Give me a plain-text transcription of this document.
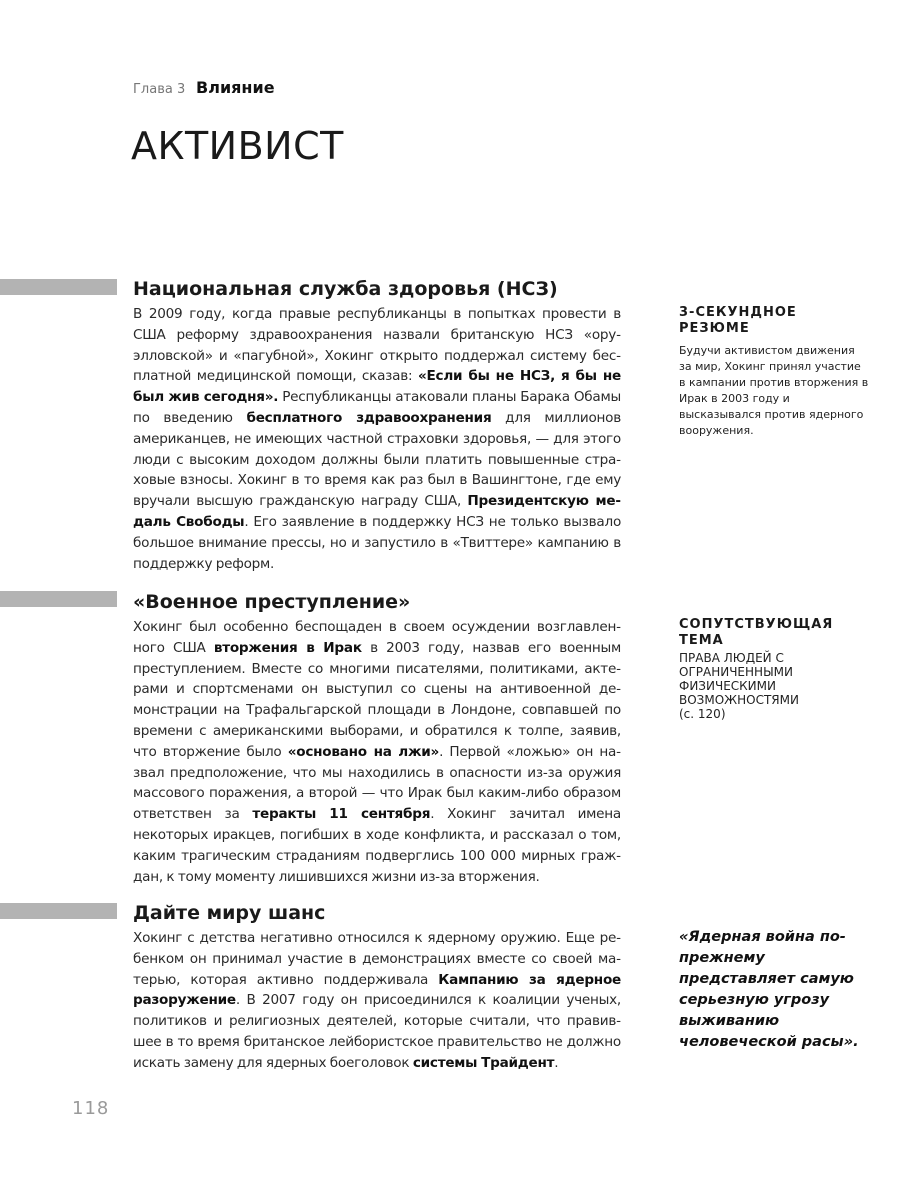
Глава 3 Влияние
АКТИВИСТ
Национальная служба здоровья (НСЗ)
В 2009 году, когда правые республиканцы в попытках провести в США реформу здравоохранения назвали британскую НСЗ «оруэлловской» и «пагубной», Хокинг открыто поддержал систему бесплатной медицинской помощи, сказав: «Если бы не НСЗ, я бы не был жив сегодня». Республиканцы атаковали планы Барака Обамы по введению бесплатного здравоохранения для миллионов американцев, не имеющих частной страховки здоровья, — для этого люди с высоким доходом должны были платить повышенные страховые взносы. Хокинг в то время как раз был в Вашингтоне, где ему вручали высшую гражданскую награду США, Президентскую медаль Свободы. Его заявление в поддержку НСЗ не только вызвало большое внимание прессы, но и запустило в «Твиттере» кампанию в поддержку реформ.
«Военное преступление»
Хокинг был особенно беспощаден в своем осуждении возглавленного США вторжения в Ирак в 2003 году, назвав его военным преступлением. Вместе со многими писателями, политиками, актерами и спортсменами он выступил со сцены на антивоенной демонстрации на Трафальгарской площади в Лондоне, совпавшей по времени с американскими выборами, и обратился к толпе, заявив, что вторжение было «основано на лжи». Первой «ложью» он назвал предположение, что мы находились в опасности из-за оружия массового поражения, а второй — что Ирак был каким-либо образом ответствен за теракты 11 сентября. Хокинг зачитал имена некоторых иракцев, погибших в ходе конфликта, и рассказал о том, каким трагическим страданиям подверглись 100 000 мирных граждан, к тому моменту лишившихся жизни из-за вторжения.
Дайте миру шанс
Хокинг с детства негативно относился к ядерному оружию. Еще ребенком он принимал участие в демонстрациях вместе со своей матерью, которая активно поддерживала Кампанию за ядерное разоружение. В 2007 году он присоединился к коалиции ученых, политиков и религиозных деятелей, которые считали, что правившее в то время британское лейбористское правительство не должно искать замену для ядерных боеголовок системы Трайдент.
3-СЕКУНДНОЕ РЕЗЮМЕ
Будучи активистом движения за мир, Хокинг принял участие в кампании против вторжения в Ирак в 2003 году и высказывался против ядерного вооружения.
СОПУТСТВУЮЩАЯ ТЕМА
ПРАВА ЛЮДЕЙ С ОГРАНИЧЕННЫМИ ФИЗИЧЕСКИМИ ВОЗМОЖНОСТЯМИ
(с. 120)
«Ядерная война по-прежнему представляет самую серьезную угрозу выживанию человеческой расы».
118
